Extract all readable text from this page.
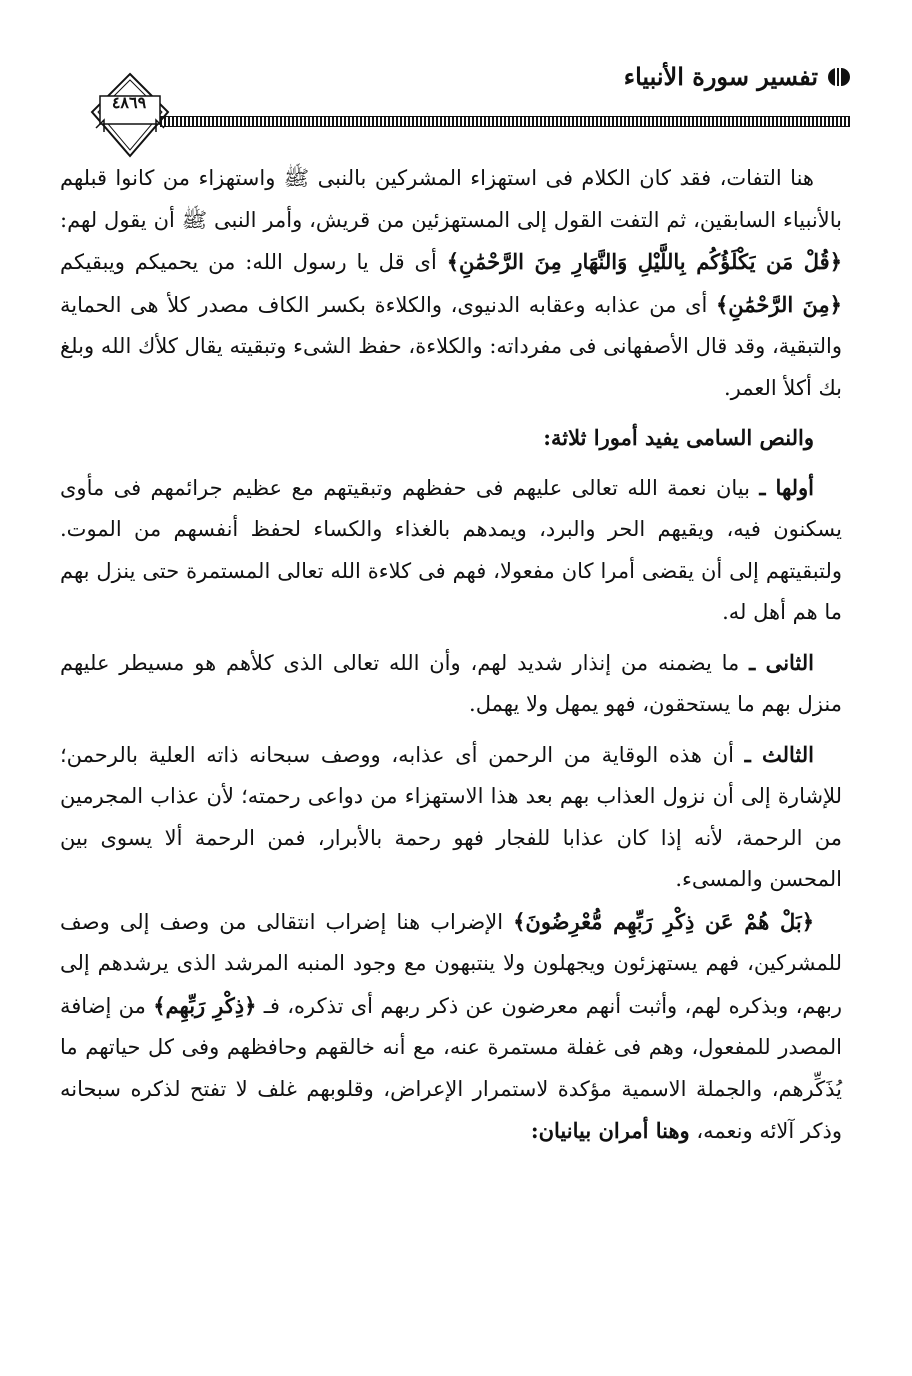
تفسير سورة الأنبياء
٤٨٦٩

هنا التفات، فقد كان الكلام فى استهزاء المشركين بالنبى ﷺ واستهزاء من كانوا قبلهم بالأنبياء السابقين، ثم التفت القول إلى المستهزئين من قريش، وأمر النبى ﷺ أن يقول لهم: ﴿قُلْ مَن يَكْلَؤُكُم بِاللَّيْلِ وَالنَّهَارِ مِنَ الرَّحْمَٰنِ﴾ أى قل يا رسول الله: من يحميكم ويبقيكم ﴿مِنَ الرَّحْمَٰنِ﴾ أى من عذابه وعقابه الدنيوى، والكلاءة بكسر الكاف مصدر كلأ هى الحماية والتبقية، وقد قال الأصفهانى فى مفرداته: والكلاءة، حفظ الشىء وتبقيته يقال كلأك الله وبلغ بك أكلأ العمر.

والنص السامى يفيد أمورا ثلاثة:

أولها ـ بيان نعمة الله تعالى عليهم فى حفظهم وتبقيتهم مع عظيم جرائمهم فى مأوى يسكنون فيه، ويقيهم الحر والبرد، ويمدهم بالغذاء والكساء لحفظ أنفسهم من الموت. ولتبقيتهم إلى أن يقضى أمرا كان مفعولا، فهم فى كلاءة الله تعالى المستمرة حتى ينزل بهم ما هم أهل له.

الثانى ـ ما يضمنه من إنذار شديد لهم، وأن الله تعالى الذى كلأهم هو مسيطر عليهم منزل بهم ما يستحقون، فهو يمهل ولا يهمل.

الثالث ـ أن هذه الوقاية من الرحمن أى عذابه، ووصف سبحانه ذاته العلية بالرحمن؛ للإشارة إلى أن نزول العذاب بهم بعد هذا الاستهزاء من دواعى رحمته؛ لأن عذاب المجرمين من الرحمة، لأنه إذا كان عذابا للفجار فهو رحمة بالأبرار، فمن الرحمة ألا يسوى بين المحسن والمسىء.

﴿بَلْ هُمْ عَن ذِكْرِ رَبِّهِم مُّعْرِضُونَ﴾ الإضراب هنا إضراب انتقالى من وصف إلى وصف للمشركين، فهم يستهزئون ويجهلون ولا ينتبهون مع وجود المنبه المرشد الذى يرشدهم إلى ربهم، وبذكره لهم، وأثبت أنهم معرضون عن ذكر ربهم أى تذكره، فـ ﴿ذِكْرِ رَبِّهِم﴾ من إضافة المصدر للمفعول، وهم فى غفلة مستمرة عنه، مع أنه خالقهم وحافظهم وفى كل حياتهم ما يُذَكِّرهم، والجملة الاسمية مؤكدة لاستمرار الإعراض، وقلوبهم غلف لا تفتح لذكره سبحانه وذكر آلائه ونعمه، وهنا أمران بيانيان:
